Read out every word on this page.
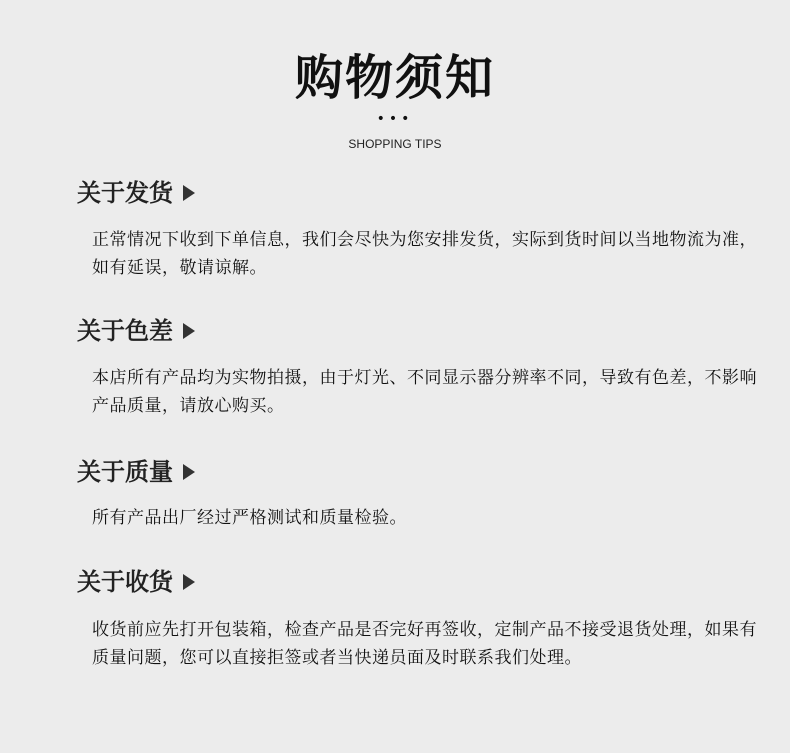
购物须知
•••
SHOPPING TIPS
关于发货
正常情况下收到下单信息，我们会尽快为您安排发货，实际到货时间以当地物流为准，如有延误，敬请谅解。
关于色差
本店所有产品均为实物拍摄，由于灯光、不同显示器分辨率不同，导致有色差，不影响产品质量，请放心购买。
关于质量
所有产品出厂经过严格测试和质量检验。
关于收货
收货前应先打开包装箱，检查产品是否完好再签收，定制产品不接受退货处理，如果有质量问题，您可以直接拒签或者当快递员面及时联系我们处理。
